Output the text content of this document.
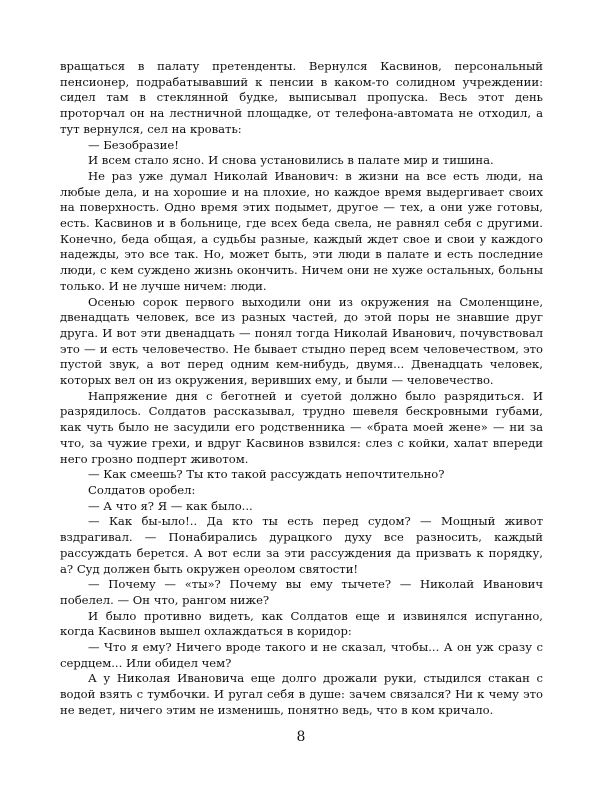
вращаться в палату претенденты. Вернулся Касвинов, персональный пенсионер, подрабатывавший к пенсии в каком-то солидном учреждении: сидел там в стеклянной будке, выписывал пропуска. Весь этот день проторчал он на лестничной площадке, от телефона-автомата не отходил, а тут вернулся, сел на кровать:

— Безобразие!

И всем стало ясно. И снова установились в палате мир и тишина.

Не раз уже думал Николай Иванович: в жизни на все есть люди, на любые дела, и на хорошие и на плохие, но каждое время выдергивает своих на поверхность. Одно время этих подымет, другое — тех, а они уже готовы, есть. Касвинов и в больнице, где всех беда свела, не равнял себя с другими. Конечно, беда общая, а судьбы разные, каждый ждет свое и свои у каждого надежды, это все так. Но, может быть, эти люди в палате и есть последние люди, с кем суждено жизнь окончить. Ничем они не хуже остальных, больны только. И не лучше ничем: люди.

Осенью сорок первого выходили они из окружения на Смоленщине, двенадцать человек, все из разных частей, до этой поры не знавшие друг друга. И вот эти двенадцать — понял тогда Николай Иванович, почувствовал это — и есть человечество. Не бывает стыдно перед всем человечеством, это пустой звук, а вот перед одним кем-нибудь, двумя... Двенадцать человек, которых вел он из окружения, веривших ему, и были — человечество.

Напряжение дня с беготней и суетой должно было разрядиться. И разрядилось. Солдатов рассказывал, трудно шевеля бескровными губами, как чуть было не засудили его родственника — «брата моей жене» — ни за что, за чужие грехи, и вдруг Касвинов взвился: слез с койки, халат впереди него грозно подперт животом.

— Как смеешь? Ты кто такой рассуждать непочтительно?

Солдатов оробел:

— А что я? Я — как было...

— Как бы-ыло!.. Да кто ты есть перед судом? — Мощный живот вздрагивал. — Понабирались дурацкого духу все разносить, каждый рассуждать берется. А вот если за эти рассуждения да призвать к порядку, а? Суд должен быть окружен ореолом святости!

— Почему — «ты»? Почему вы ему тычете? — Николай Иванович побелел. — Он что, рангом ниже?

И было противно видеть, как Солдатов еще и извинялся испуганно, когда Касвинов вышел охлаждаться в коридор:

— Что я ему? Ничего вроде такого и не сказал, чтобы... А он уж сразу с сердцем... Или обидел чем?

А у Николая Ивановича еще долго дрожали руки, стыдился стакан с водой взять с тумбочки. И ругал себя в душе: зачем связался? Ни к чему это не ведет, ничего этим не изменишь, понятно ведь, что в ком кричало.

8
